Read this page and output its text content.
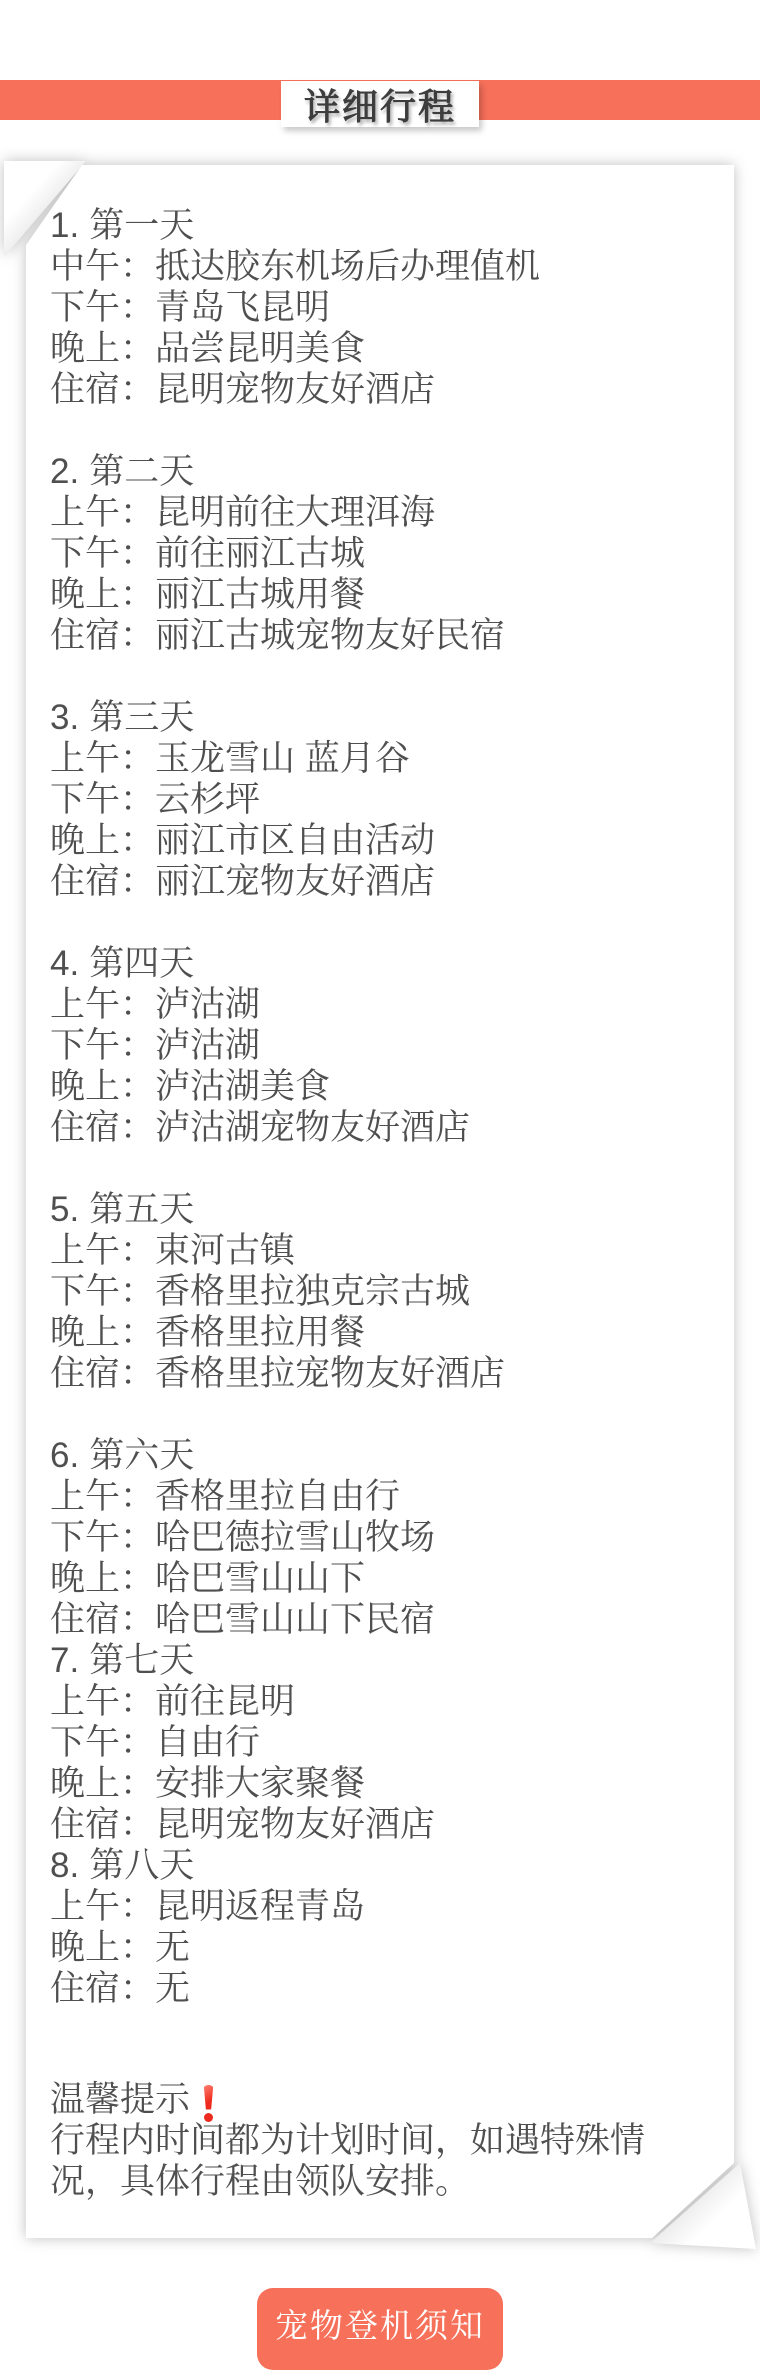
详细行程
1. 第一天
中午：抵达胶东机场后办理值机
下午：青岛飞昆明
晚上：品尝昆明美食
住宿：昆明宠物友好酒店
2. 第二天
上午：昆明前往大理洱海
下午：前往丽江古城
晚上：丽江古城用餐
住宿：丽江古城宠物友好民宿
3. 第三天
上午：玉龙雪山 蓝月谷
下午：云杉坪
晚上：丽江市区自由活动
住宿：丽江宠物友好酒店
4. 第四天
上午：泸沽湖
下午：泸沽湖
晚上：泸沽湖美食
住宿：泸沽湖宠物友好酒店
5. 第五天
上午：束河古镇
下午：香格里拉独克宗古城
晚上：香格里拉用餐
住宿：香格里拉宠物友好酒店
6. 第六天
上午：香格里拉自由行
下午：哈巴德拉雪山牧场
晚上：哈巴雪山山下
住宿：哈巴雪山山下民宿
7. 第七天
上午：前往昆明
下午：自由行
晚上：安排大家聚餐
住宿：昆明宠物友好酒店
8. 第八天
上午：昆明返程青岛
晚上：无
住宿：无
温馨提示
行程内时间都为计划时间，如遇特殊情
况，具体行程由领队安排。
宠物登机须知
